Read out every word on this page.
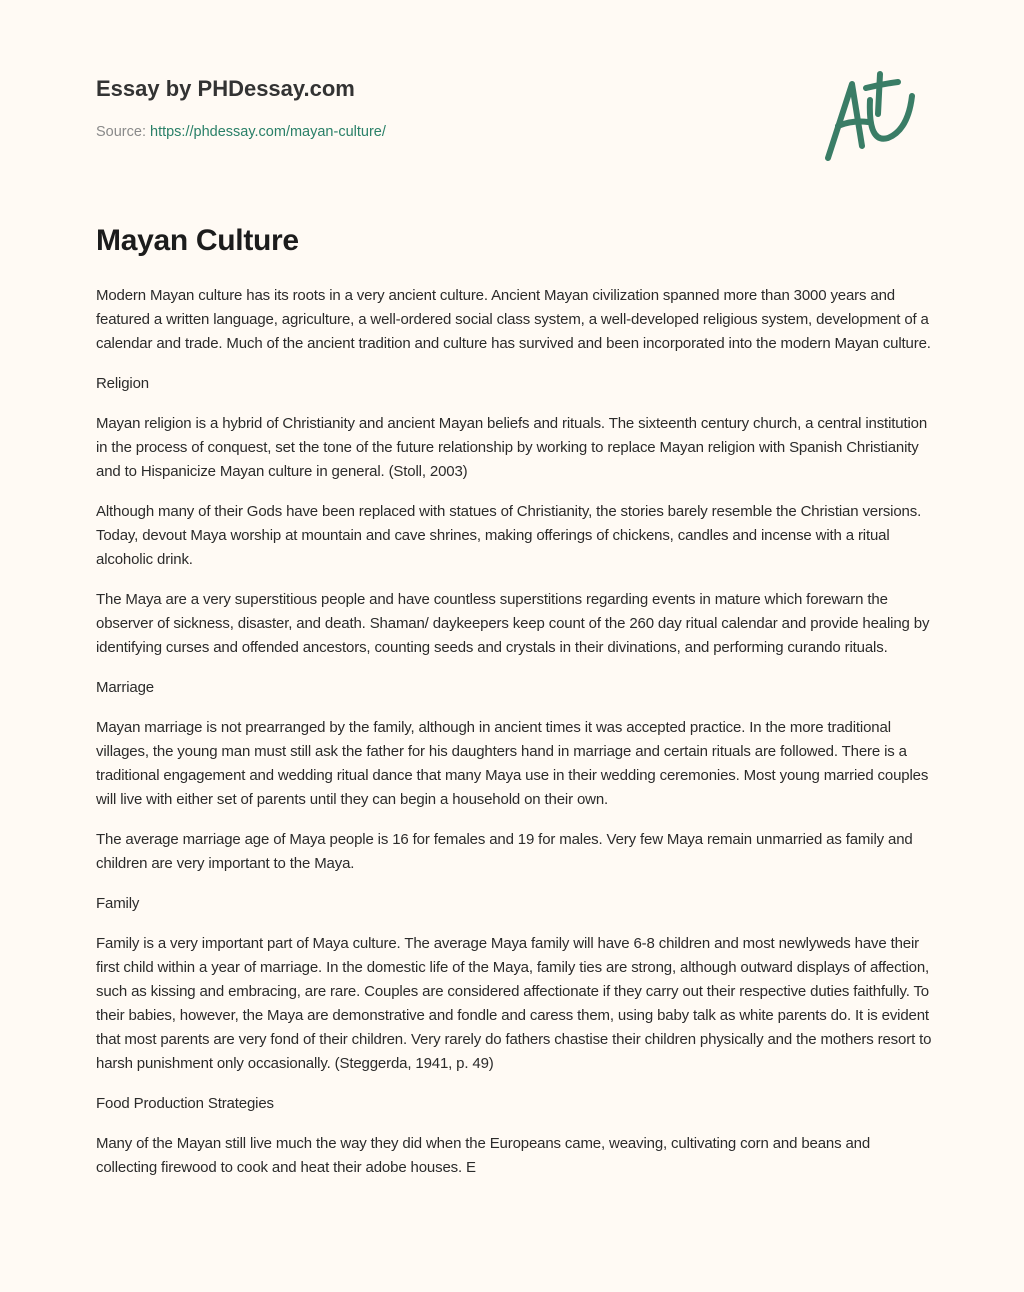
Essay by PHDessay.com
Source: https://phdessay.com/mayan-culture/
Mayan Culture

Modern Mayan culture has its roots in a very ancient culture. Ancient Mayan civilization spanned more than 3000 years and featured a written language, agriculture, a well-ordered social class system, a well-developed religious system, development of a calendar and trade. Much of the ancient tradition and culture has survived and been incorporated into the modern Mayan culture.

Religion

Mayan religion is a hybrid of Christianity and ancient Mayan beliefs and rituals. The sixteenth century church, a central institution in the process of conquest, set the tone of the future relationship by working to replace Mayan religion with Spanish Christianity and to Hispanicize Mayan culture in general. (Stoll, 2003)

Although many of their Gods have been replaced with statues of Christianity, the stories barely resemble the Christian versions. Today, devout Maya worship at mountain and cave shrines, making offerings of chickens, candles and incense with a ritual alcoholic drink.

The Maya are a very superstitious people and have countless superstitions regarding events in mature which forewarn the observer of sickness, disaster, and death. Shaman/ daykeepers keep count of the 260 day ritual calendar and provide healing by identifying curses and offended ancestors, counting seeds and crystals in their divinations, and performing curando rituals.

Marriage

Mayan marriage is not prearranged by the family, although in ancient times it was accepted practice. In the more traditional villages, the young man must still ask the father for his daughters hand in marriage and certain rituals are followed. There is a traditional engagement and wedding ritual dance that many Maya use in their wedding ceremonies. Most young married couples will live with either set of parents until they can begin a household on their own.

The average marriage age of Maya people is 16 for females and 19 for males. Very few Maya remain unmarried as family and children are very important to the Maya.

Family

Family is a very important part of Maya culture. The average Maya family will have 6-8 children and most newlyweds have their first child within a year of marriage. In the domestic life of the Maya, family ties are strong, although outward displays of affection, such as kissing and embracing, are rare. Couples are considered affectionate if they carry out their respective duties faithfully. To their babies, however, the Maya are demonstrative and fondle and caress them, using baby talk as white parents do. It is evident that most parents are very fond of their children. Very rarely do fathers chastise their children physically and the mothers resort to harsh punishment only occasionally. (Steggerda, 1941, p. 49)

Food Production Strategies

Many of the Mayan still live much the way they did when the Europeans came, weaving, cultivating corn and beans and collecting firewood to cook and heat their adobe houses. E
